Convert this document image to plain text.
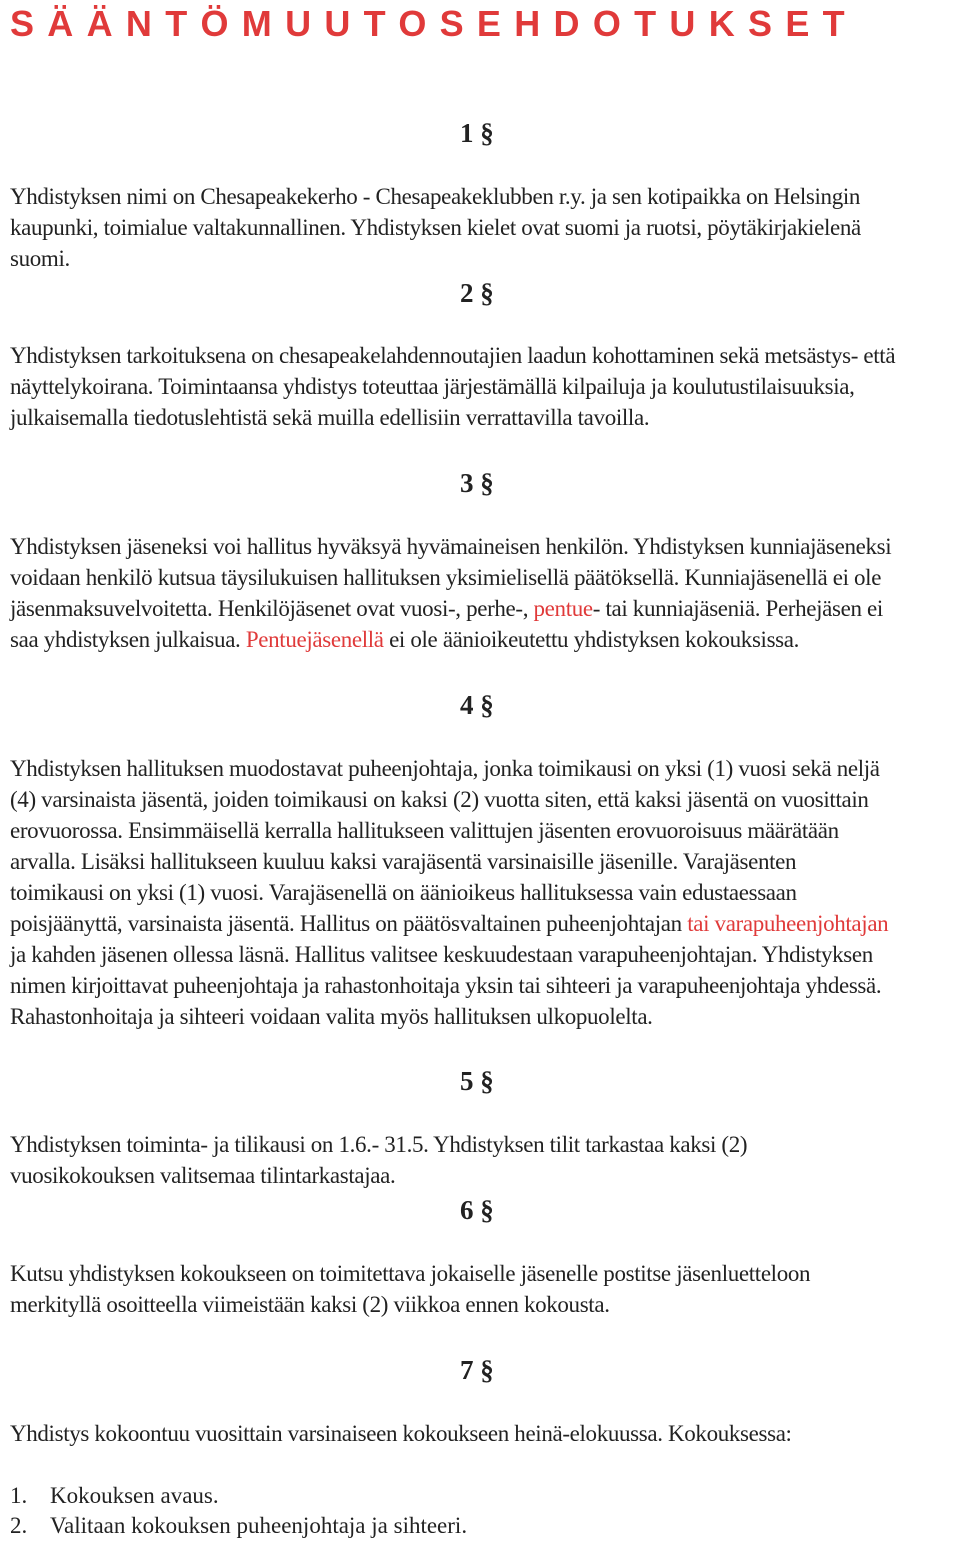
SÄÄNTÖMUUTOSEHDOTUKSET
1 §

Yhdistyksen nimi on Chesapeakekerho - Chesapeakeklubben r.y. ja sen kotipaikka on Helsingin
kaupunki, toimialue valtakunnallinen. Yhdistyksen kielet ovat suomi ja ruotsi, pöytäkirjakielenä
suomi.

2 §

Yhdistyksen tarkoituksena on chesapeakelahdennoutajien laadun kohottaminen sekä metsästys- että
näyttelykoirana. Toimintaansa yhdistys toteuttaa järjestämällä kilpailuja ja koulutustilaisuuksia,
julkaisemalla tiedotuslehtistä sekä muilla edellisiin verrattavilla tavoilla.

3 §

Yhdistyksen jäseneksi voi hallitus hyväksyä hyvämaineisen henkilön. Yhdistyksen kunniajäseneksi
voidaan henkilö kutsua täysilukuisen hallituksen yksimielisellä päätöksellä. Kunniajäsenellä ei ole
jäsenmaksuvelvoitetta. Henkilöjäsenet ovat vuosi-, perhe-, pentue- tai kunniajäseniä. Perhejäsen ei
saa yhdistyksen julkaisua. Pentuejäsenellä ei ole äänioikeutettu yhdistyksen kokouksissa.

4 §

Yhdistyksen hallituksen muodostavat puheenjohtaja, jonka toimikausi on yksi (1) vuosi sekä neljä
(4) varsinaista jäsentä, joiden toimikausi on kaksi (2) vuotta siten, että kaksi jäsentä on vuosittain
erovuorossa. Ensimmäisellä kerralla hallitukseen valittujen jäsenten erovuoroisuus määrätään
arvalla. Lisäksi hallitukseen kuuluu kaksi varajäsentä varsinaisille jäsenille. Varajäsenten
toimikausi on yksi (1) vuosi. Varajäsenellä on äänioikeus hallituksessa vain edustaessaan
poisjäänyttä, varsinaista jäsentä. Hallitus on päätösvaltainen puheenjohtajan tai varapuheenjohtajan
ja kahden jäsenen ollessa läsnä. Hallitus valitsee keskuudestaan varapuheenjohtajan. Yhdistyksen
nimen kirjoittavat puheenjohtaja ja rahastonhoitaja yksin tai sihteeri ja varapuheenjohtaja yhdessä.
Rahastonhoitaja ja sihteeri voidaan valita myös hallituksen ulkopuolelta.

5 §

Yhdistyksen toiminta- ja tilikausi on 1.6.- 31.5. Yhdistyksen tilit tarkastaa kaksi (2)
vuosikokouksen valitsemaa tilintarkastajaa.

6 §

Kutsu yhdistyksen kokoukseen on toimitettava jokaiselle jäsenelle postitse jäsenluetteloon
merkityllä osoitteella viimeistään kaksi (2) viikkoa ennen kokousta.

7 §

Yhdistys kokoontuu vuosittain varsinaiseen kokoukseen heinä-elokuussa. Kokouksessa:

1. Kokouksen avaus.
2. Valitaan kokouksen puheenjohtaja ja sihteeri.
